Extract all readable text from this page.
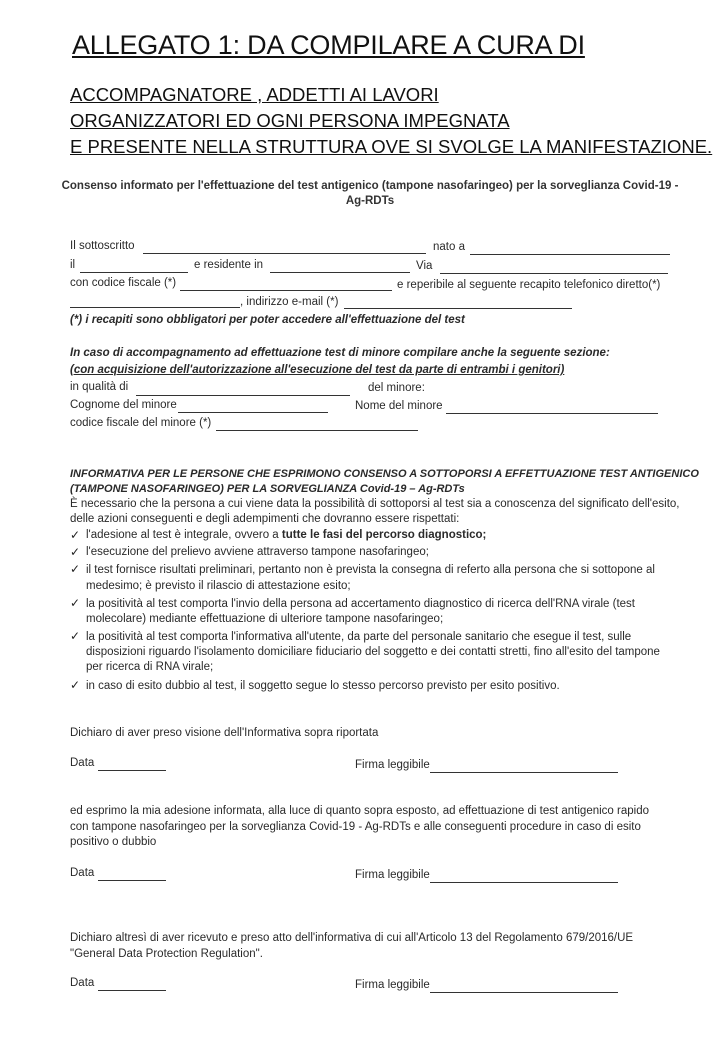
ALLEGATO 1: DA COMPILARE A CURA DI
ACCOMPAGNATORE , ADDETTI AI LAVORI
ORGANIZZATORI ED OGNI PERSONA IMPEGNATA
E PRESENTE NELLA STRUTTURA OVE SI SVOLGE LA MANIFESTAZIONE.
Consenso informato per l'effettuazione del test antigenico (tampone nasofaringeo) per la sorveglianza Covid-19 -
Ag-RDTs
Il sottoscritto	nato a
il	e residente in	Via
con codice fiscale (*)	e reperibile al seguente recapito telefonico diretto(*)
, indirizzo e-mail (*)
(*) i recapiti sono obbligatori per poter accedere all'effettuazione del test
In caso di accompagnamento ad effettuazione test di minore compilare anche la seguente sezione:
(con acquisizione dell'autorizzazione all'esecuzione del test da parte di entrambi i genitori)
in qualità di	del minore:
Cognome del minore	Nome del minore
codice fiscale del minore (*)
INFORMATIVA PER LE PERSONE CHE ESPRIMONO CONSENSO A SOTTOPORSI A EFFETTUAZIONE TEST ANTIGENICO
(TAMPONE NASOFARINGEO) PER LA SORVEGLIANZA Covid-19 – Ag-RDTs
È necessario che la persona a cui viene data la possibilità di sottoporsi al test sia a conoscenza del significato dell'esito,
delle azioni conseguenti e degli adempimenti che dovranno essere rispettati:
✓ l'adesione al test è integrale, ovvero a tutte le fasi del percorso diagnostico;
✓ l'esecuzione del prelievo avviene attraverso tampone nasofaringeo;
✓ il test fornisce risultati preliminari, pertanto non è prevista la consegna di referto alla persona che si sottopone al
medesimo; è previsto il rilascio di attestazione esito;
✓ la positività al test comporta l'invio della persona ad accertamento diagnostico di ricerca dell'RNA virale (test
molecolare) mediante effettuazione di ulteriore tampone nasofaringeo;
✓ la positività al test comporta l'informativa all'utente, da parte del personale sanitario che esegue il test, sulle
disposizioni riguardo l'isolamento domiciliare fiduciario del soggetto e dei contatti stretti, fino all'esito del tampone
per ricerca di RNA virale;
✓ in caso di esito dubbio al test, il soggetto segue lo stesso percorso previsto per esito positivo.
Dichiaro di aver preso visione dell'Informativa sopra riportata
Data	Firma leggibile
ed esprimo la mia adesione informata, alla luce di quanto sopra esposto, ad effettuazione di test antigenico rapido
con tampone nasofaringeo per la sorveglianza Covid-19 - Ag-RDTs e alle conseguenti procedure in caso di esito
positivo o dubbio
Data	Firma leggibile
Dichiaro altresì di aver ricevuto e preso atto dell'informativa di cui all'Articolo 13 del Regolamento 679/2016/UE
"General Data Protection Regulation".
Data	Firma leggibile
